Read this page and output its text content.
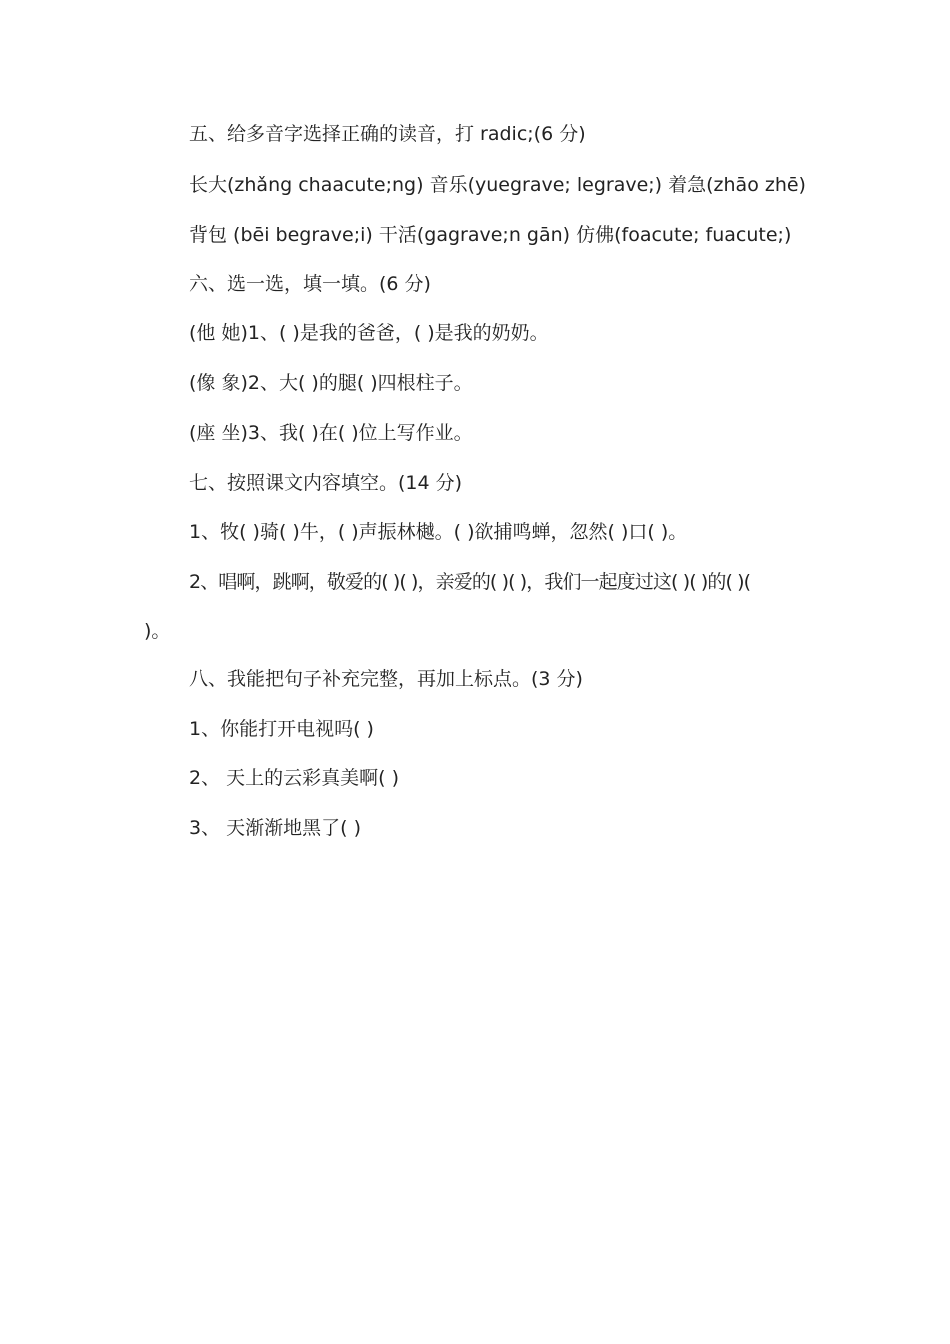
五、给多音字选择正确的读音，打 radic;(6 分)
长大(zhǎng chaacute;ng) 音乐(yuegrave; legrave;) 着急(zhāo zhē)
背包 (bēi begrave;i) 干活(gagrave;n gān) 仿佛(foacute; fuacute;)
六、选一选，填一填。(6 分)
(他 她)1、( )是我的爸爸，( )是我的奶奶。
(像 象)2、大( )的腿( )四根柱子。
(座 坐)3、我( )在( )位上写作业。
七、按照课文内容填空。(14 分)
1、牧( )骑( )牛，( )声振林樾。( )欲捕鸣蝉，忽然( )口( )。
2、唱啊，跳啊，敬爱的( )( )，亲爱的( )( )，我们一起度过这( )( )的( )(
)。
八、我能把句子补充完整，再加上标点。(3 分)
1、你能打开电视吗( )
2、 天上的云彩真美啊( )
3、 天渐渐地黑了( )
